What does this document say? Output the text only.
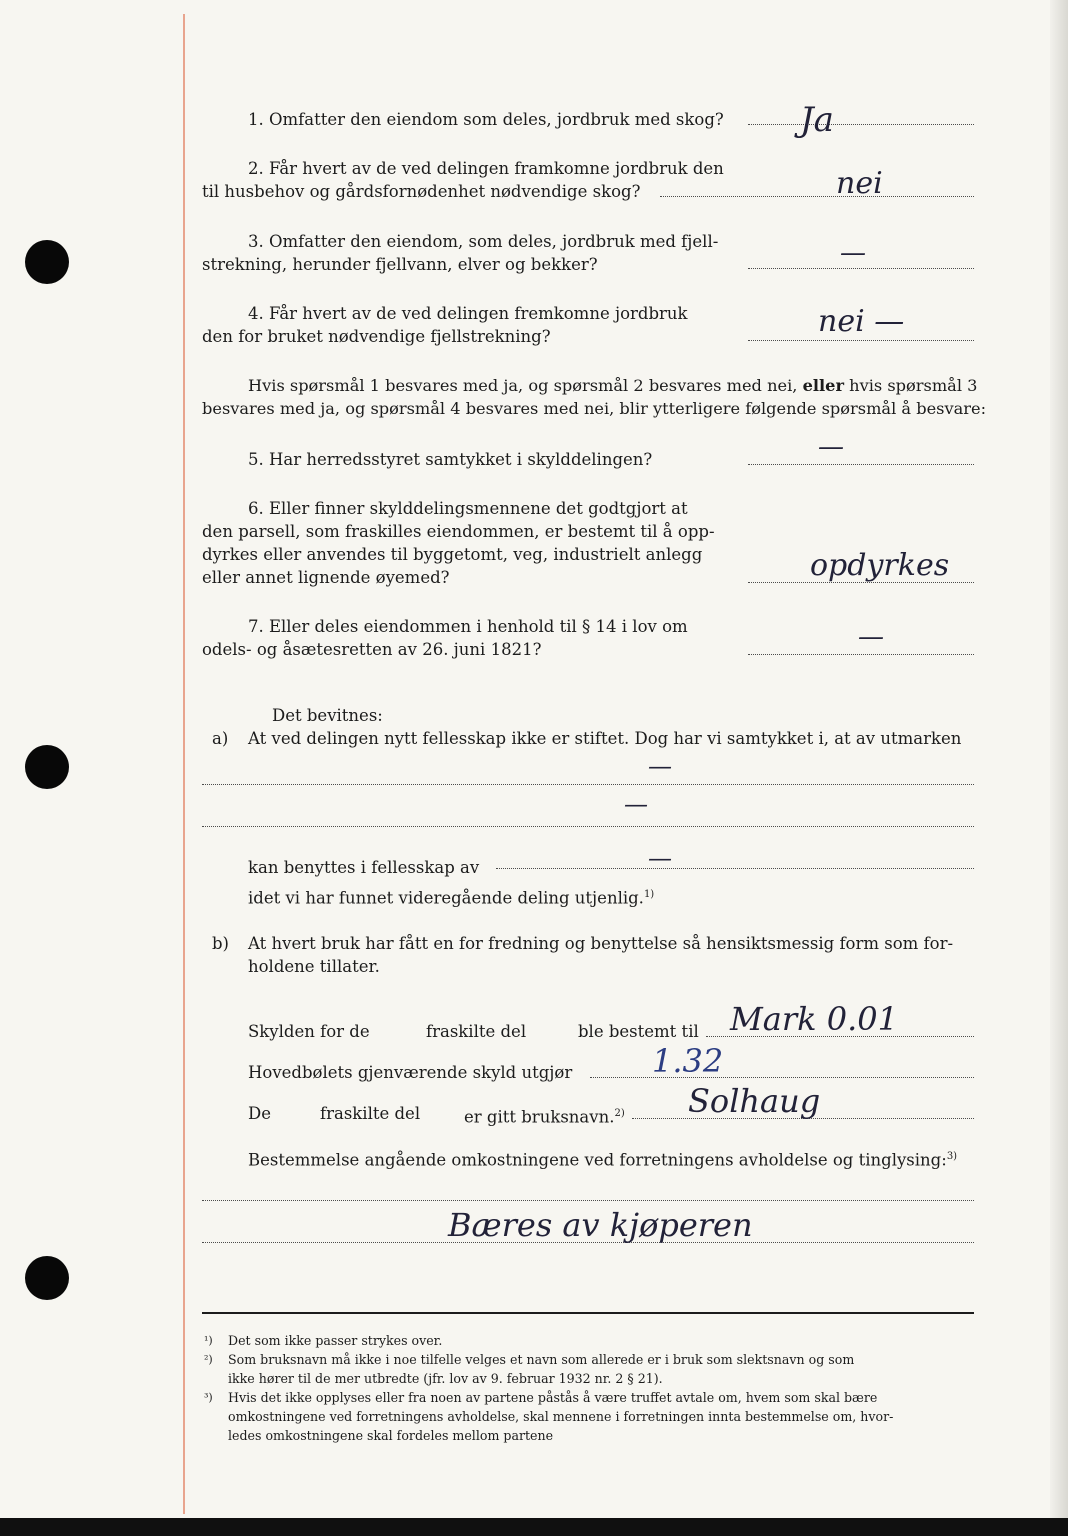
1. Omfatter den eiendom som deles, jordbruk med skog? Ja
2. Får hvert av de ved delingen framkomne jordbruk den
til husbehov og gårdsfornødenhet nødvendige skog?	nei
3. Omfatter den eiendom, som deles, jordbruk med fjell-
strekning, herunder fjellvann, elver og bekker?	—
4. Får hvert av de ved delingen fremkomne jordbruk
den for bruket nødvendige fjellstrekning?	nei —
Hvis spørsmål 1 besvares med ja, og spørsmål 2 besvares med nei, eller hvis spørsmål 3
besvares med ja, og spørsmål 4 besvares med nei, blir ytterligere følgende spørsmål å besvare:
5. Har herredsstyret samtykket i skylddelingen?	—
6. Eller finner skylddelingsmennene det godtgjort at
den parsell, som fraskilles eiendommen, er bestemt til å opp-
dyrkes eller anvendes til byggetomt, veg, industrielt anlegg
eller annet lignende øyemed?	opdyrkes
7. Eller deles eiendommen i henhold til § 14 i lov om
odels- og åsætesretten av 26. juni 1821?	—
Det bevitnes:
a) At ved delingen nytt fellesskap ikke er stiftet. Dog har vi samtykket i, at av utmarken
—
—
kan benyttes i fellesskap av	—
idet vi har funnet videregående deling utjenlig.$^{1)}$
b) At hvert bruk har fått en for fredning og benyttelse så hensiktsmessig form som for-
holdene tillater.
Skylden for de	fraskilte del	ble bestemt til Mark 0.01
Hovedbølets gjenværende skyld utgjør 1.32
De	fraskilte del	er gitt bruksnavn.$^{2)}$ Solhaug
Bestemmelse angående omkostningene ved forretningens avholdelse og tinglysing:$^{3)}$
Bæres av kjøperen
¹) Det som ikke passer strykes over.
²) Som bruksnavn må ikke i noe tilfelle velges et navn som allerede er i bruk som slektsnavn og som
ikke hører til de mer utbredte (jfr. lov av 9. februar 1932 nr. 2 § 21).
³) Hvis det ikke opplyses eller fra noen av partene påstås å være truffet avtale om, hvem som skal bære
omkostningene ved forretningens avholdelse, skal mennene i forretningen innta bestemmelse om, hvor-
ledes omkostningene skal fordeles mellom partene
